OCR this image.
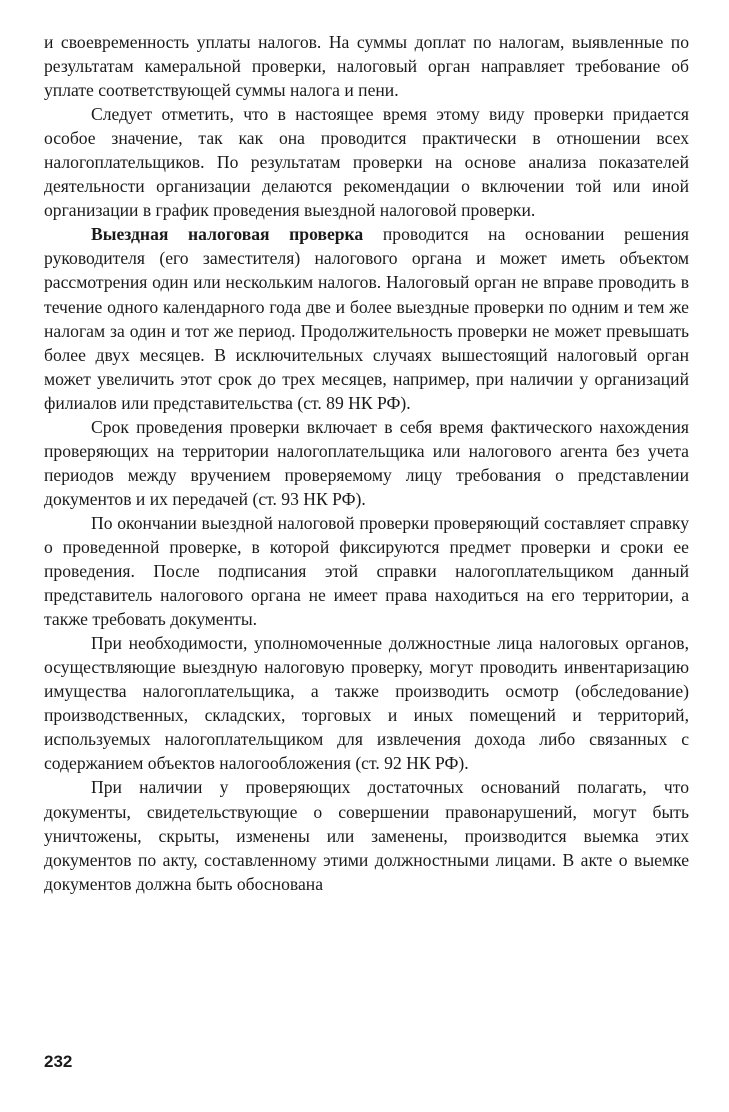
и своевременность уплаты налогов. На суммы доплат по налогам, выявленные по результатам камеральной проверки, налоговый орган направляет требование об уплате соответствующей суммы налога и пени.

Следует отметить, что в настоящее время этому виду проверки придается особое значение, так как она проводится практически в отношении всех налогоплательщиков. По результатам проверки на основе анализа показателей деятельности организации делаются рекомендации о включении той или иной организации в график проведения выездной налоговой проверки.

Выездная налоговая проверка проводится на основании решения руководителя (его заместителя) налогового органа и может иметь объектом рассмотрения один или нескольким налогов. Налоговый орган не вправе проводить в течение одного календарного года две и более выездные проверки по одним и тем же налогам за один и тот же период. Продолжительность проверки не может превышать более двух месяцев. В исключительных случаях вышестоящий налоговый орган может увеличить этот срок до трех месяцев, например, при наличии у организаций филиалов или представительства (ст. 89 НК РФ).

Срок проведения проверки включает в себя время фактического нахождения проверяющих на территории налогоплательщика или налогового агента без учета периодов между вручением проверяемому лицу требования о представлении документов и их передачей (ст. 93 НК РФ).

По окончании выездной налоговой проверки проверяющий составляет справку о проведенной проверке, в которой фиксируются предмет проверки и сроки ее проведения. После подписания этой справки налогоплательщиком данный представитель налогового органа не имеет права находиться на его территории, а также требовать документы.

При необходимости, уполномоченные должностные лица налоговых органов, осуществляющие выездную налоговую проверку, могут проводить инвентаризацию имущества налогоплательщика, а также производить осмотр (обследование) производственных, складских, торговых и иных помещений и территорий, используемых налогоплательщиком для извлечения дохода либо связанных с содержанием объектов налогообложения (ст. 92 НК РФ).

При наличии у проверяющих достаточных оснований полагать, что документы, свидетельствующие о совершении правонарушений, могут быть уничтожены, скрыты, изменены или заменены, производится выемка этих документов по акту, составленному этими должностными лицами. В акте о выемке документов должна быть обоснована

232
